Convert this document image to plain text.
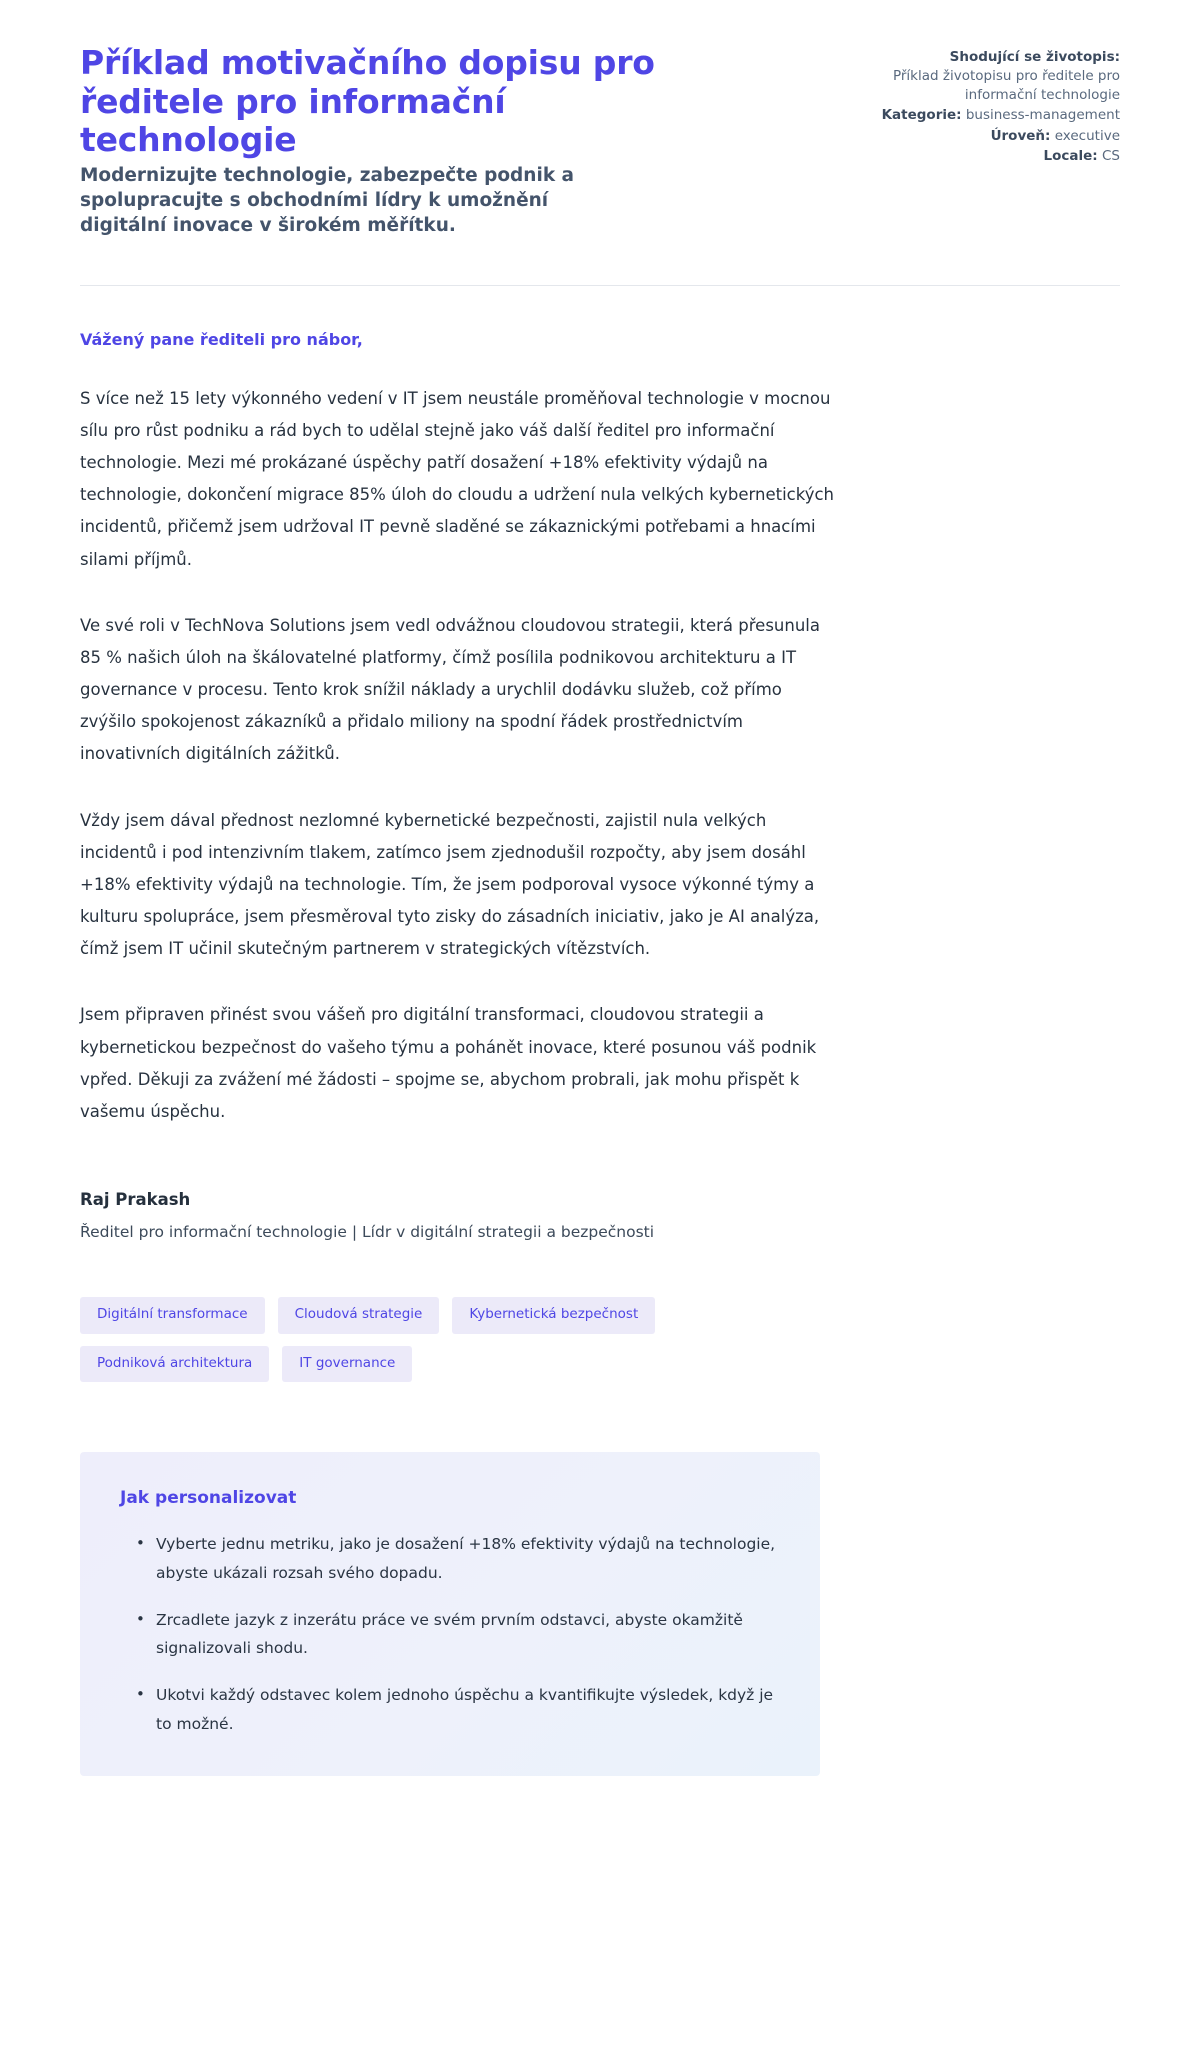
Příklad motivačního dopisu pro ředitele pro informační technologie

Modernizujte technologie, zabezpečte podnik a spolupracujte s obchodními lídry k umožnění digitální inovace v širokém měřítku.

Shodující se životopis:
Příklad životopisu pro ředitele pro informační technologie
Kategorie: business-management
Úroveň: executive
Locale: CS

Vážený pane řediteli pro nábor,

S více než 15 lety výkonného vedení v IT jsem neustále proměňoval technologie v mocnou sílu pro růst podniku a rád bych to udělal stejně jako váš další ředitel pro informační technologie. Mezi mé prokázané úspěchy patří dosažení +18% efektivity výdajů na technologie, dokončení migrace 85% úloh do cloudu a udržení nula velkých kybernetických incidentů, přičemž jsem udržoval IT pevně sladěné se zákaznickými potřebami a hnacími silami příjmů.

Ve své roli v TechNova Solutions jsem vedl odvážnou cloudovou strategii, která přesunula 85 % našich úloh na škálovatelné platformy, čímž posílila podnikovou architekturu a IT governance v procesu. Tento krok snížil náklady a urychlil dodávku služeb, což přímo zvýšilo spokojenost zákazníků a přidalo miliony na spodní řádek prostřednictvím inovativních digitálních zážitků.

Vždy jsem dával přednost nezlomné kybernetické bezpečnosti, zajistil nula velkých incidentů i pod intenzivním tlakem, zatímco jsem zjednodušil rozpočty, aby jsem dosáhl +18% efektivity výdajů na technologie. Tím, že jsem podporoval vysoce výkonné týmy a kulturu spolupráce, jsem přesměroval tyto zisky do zásadních iniciativ, jako je AI analýza, čímž jsem IT učinil skutečným partnerem v strategických vítězstvích.

Jsem připraven přinést svou vášeň pro digitální transformaci, cloudovou strategii a kybernetickou bezpečnost do vašeho týmu a pohánět inovace, které posunou váš podnik vpřed. Děkuji za zvážení mé žádosti – spojme se, abychom probrali, jak mohu přispět k vašemu úspěchu.

Raj Prakash
Ředitel pro informační technologie | Lídr v digitální strategii a bezpečnosti
Digitální transformace	Cloudová strategie	Kybernetická bezpečnost
Podniková architektura	IT governance
Jak personalizovat
• Vyberte jednu metriku, jako je dosažení +18% efektivity výdajů na technologie, abyste ukázali rozsah svého dopadu.
• Zrcadlete jazyk z inzerátu práce ve svém prvním odstavci, abyste okamžitě signalizovali shodu.
• Ukotvi každý odstavec kolem jednoho úspěchu a kvantifikujte výsledek, když je to možné.
